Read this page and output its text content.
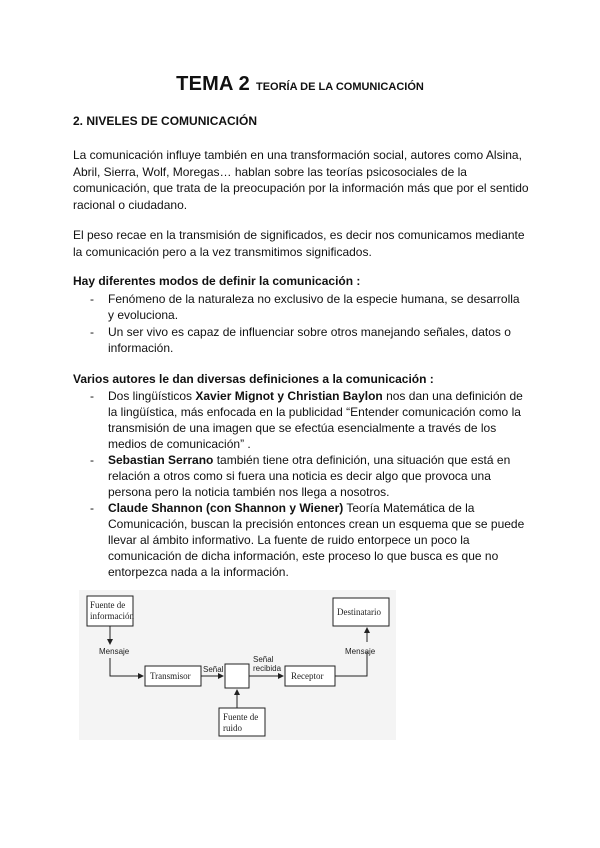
TEMA 2 TEORÍA DE LA COMUNICACIÓN
2. NIVELES DE COMUNICACIÓN
La comunicación influye también en una transformación social, autores como Alsina, Abril, Sierra, Wolf, Moregas… hablan sobre las teorías psicosociales de la comunicación, que trata de la preocupación por la información más que por el sentido racional o ciudadano.
El peso recae en la transmisión de significados, es decir nos comunicamos mediante la comunicación pero a la vez transmitimos significados.
Hay diferentes modos de definir la comunicación :
- Fenómeno de la naturaleza no exclusivo de la especie humana, se desarrolla y evoluciona.
- Un ser vivo es capaz de influenciar sobre otros manejando señales, datos o información.
Varios autores le dan diversas definiciones a la comunicación :
- Dos lingüísticos Xavier Mignot y Christian Baylon nos dan una definición de la lingüística, más enfocada en la publicidad “Entender comunicación como la transmisión de una imagen que se efectúa esencialmente a través de los medios de comunicación” .
- Sebastian Serrano también tiene otra definición, una situación que está en relación a otros como si fuera una noticia es decir algo que provoca una persona pero la noticia también nos llega a nosotros.
- Claude Shannon (con Shannon y Wiener) Teoría Matemática de la Comunicación, buscan la precisión entonces crean un esquema que se puede llevar al ámbito informativo. La fuente de ruido entorpece un poco la comunicación de dicha información, este proceso lo que busca es que no entorpezca nada a la información.
Fuente de
información
Mensaje
Transmisor
Señal
Señal
recibida
Receptor
Mensaje
Destinatario
Fuente de
ruido
